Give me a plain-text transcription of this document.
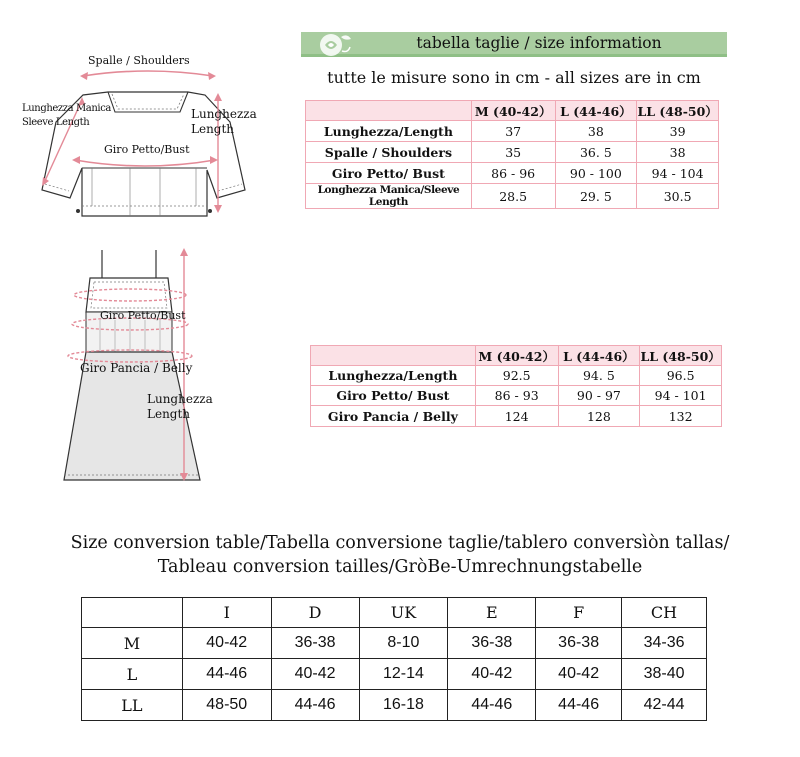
tabella taglie / size information
tutte le misure sono in cm - all sizes are in cm
Spalle / Shoulders
Lunghezza Manica
Sleeve Length
Lunghezza
Length
Giro Petto/Bust
Giro Petto/Bust
Giro Pancia / Belly
Lunghezza
Length
	M (40-42）	L (44-46）	LL (48-50）
Lunghezza/Length	37	38	39
Spalle / Shoulders	35	36. 5	38
Giro Petto/ Bust	86 - 96	90 - 100	94 - 104
Longhezza Manica/Sleeve Length	28.5	29. 5	30.5
	M (40-42）	L (44-46）	LL (48-50）
Lunghezza/Length	92.5	94. 5	96.5
Giro Petto/ Bust	86 - 93	90 - 97	94 - 101
Giro Pancia / Belly	124	128	132
Size conversion table/Tabella conversione taglie/tablero conversìòn tallas/
Tableau conversion tailles/GròBe-Umrechnungstabelle
	I	D	UK	E	F	CH
M	40-42	36-38	8-10	36-38	36-38	34-36
L	44-46	40-42	12-14	40-42	40-42	38-40
LL	48-50	44-46	16-18	44-46	44-46	42-44
